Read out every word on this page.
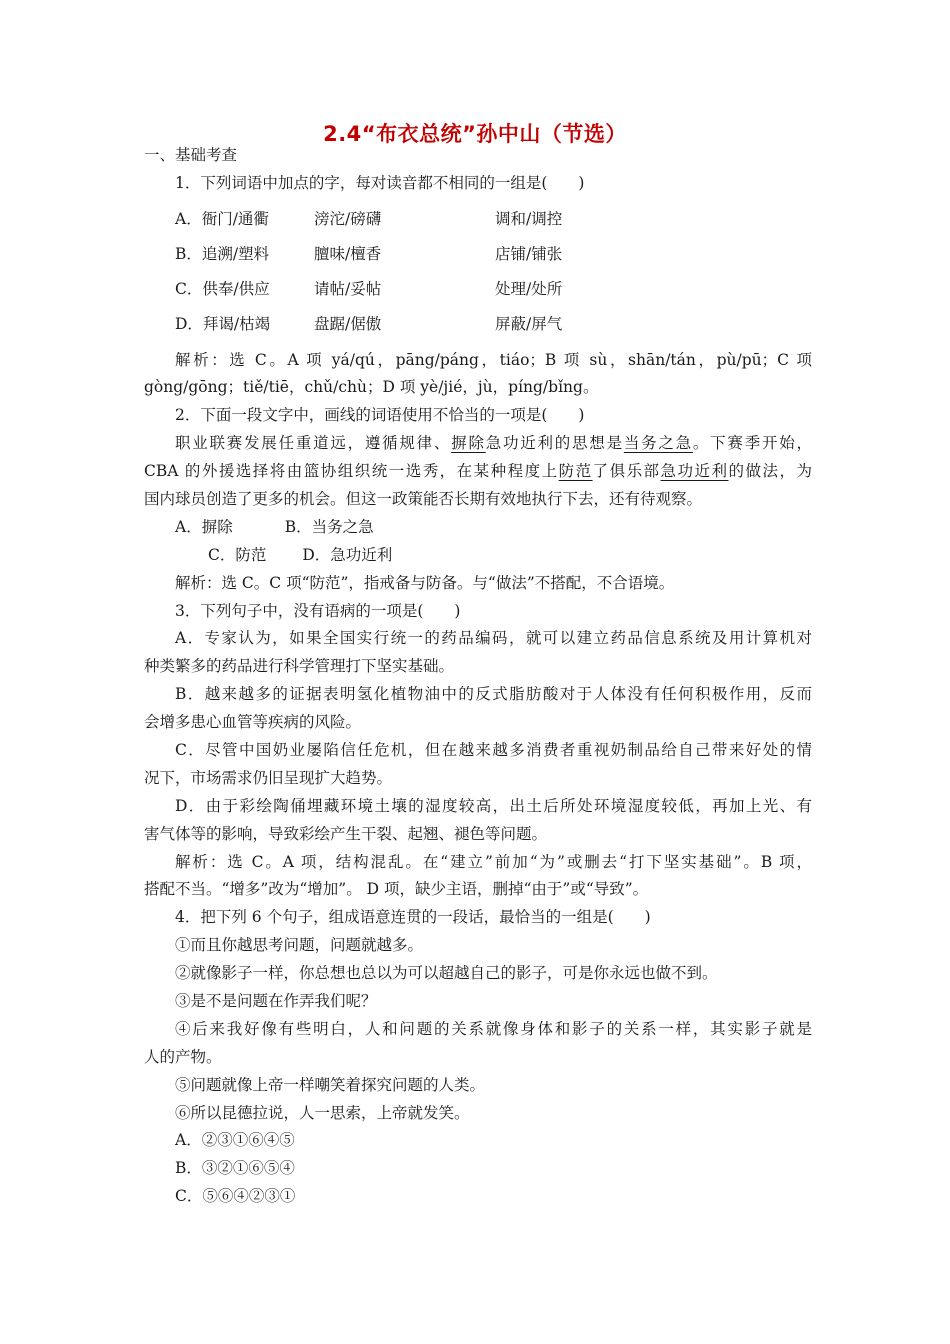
2.4“布衣总统”孙中山（节选）
一、基础考查
1．下列词语中加点的字，每对读音都不相同的一组是(　　)
A．衙门/通衢	滂沱/磅礴	调和/调控
B．追溯/塑料	膻味/檀香	店铺/铺张
C．供奉/供应	请帖/妥帖	处理/处所
D．拜谒/枯竭	盘踞/倨傲	屏蔽/屏气
解析：选 C。A 项 yá/qú，pāng/páng，tiáo；B 项 sù，shān/tán，pù/pū；C 项
gòng/gōng；tiě/tiē，chǔ/chù；D 项 yè/jié，jù，píng/bǐng。
2．下面一段文字中，画线的词语使用不恰当的一项是(　　)
职业联赛发展任重道远，遵循规律、摒除急功近利的思想是当务之急。下赛季开始，
CBA 的外援选择将由篮协组织统一选秀，在某种程度上防范了俱乐部急功近利的做法，为
国内球员创造了更多的机会。但这一政策能否长期有效地执行下去，还有待观察。
A．摒除	B．当务之急
C．防范 D．急功近利
解析：选 C。C 项“防范”，指戒备与防备。与“做法”不搭配，不合语境。
3．下列句子中，没有语病的一项是(　　)
A．专家认为，如果全国实行统一的药品编码，就可以建立药品信息系统及用计算机对
种类繁多的药品进行科学管理打下坚实基础。
B．越来越多的证据表明氢化植物油中的反式脂肪酸对于人体没有任何积极作用，反而
会增多患心血管等疾病的风险。
C．尽管中国奶业屡陷信任危机，但在越来越多消费者重视奶制品给自己带来好处的情
况下，市场需求仍旧呈现扩大趋势。
D．由于彩绘陶俑埋藏环境土壤的湿度较高，出土后所处环境湿度较低，再加上光、有
害气体等的影响，导致彩绘产生干裂、起翘、褪色等问题。
解析：选 C。A 项，结构混乱。在“建立”前加“为”或删去“打下坚实基础”。B 项，
搭配不当。“增多”改为“增加”。 D 项，缺少主语，删掉“由于”或“导致”。
4．把下列 6 个句子，组成语意连贯的一段话，最恰当的一组是(　　)
①而且你越思考问题，问题就越多。
②就像影子一样，你总想也总以为可以超越自己的影子，可是你永远也做不到。
③是不是问题在作弄我们呢？
④后来我好像有些明白，人和问题的关系就像身体和影子的关系一样，其实影子就是
人的产物。
⑤问题就像上帝一样嘲笑着探究问题的人类。
⑥所以昆德拉说，人一思索，上帝就发笑。
A．②③①⑥④⑤
B．③②①⑥⑤④
C．⑤⑥④②③①
